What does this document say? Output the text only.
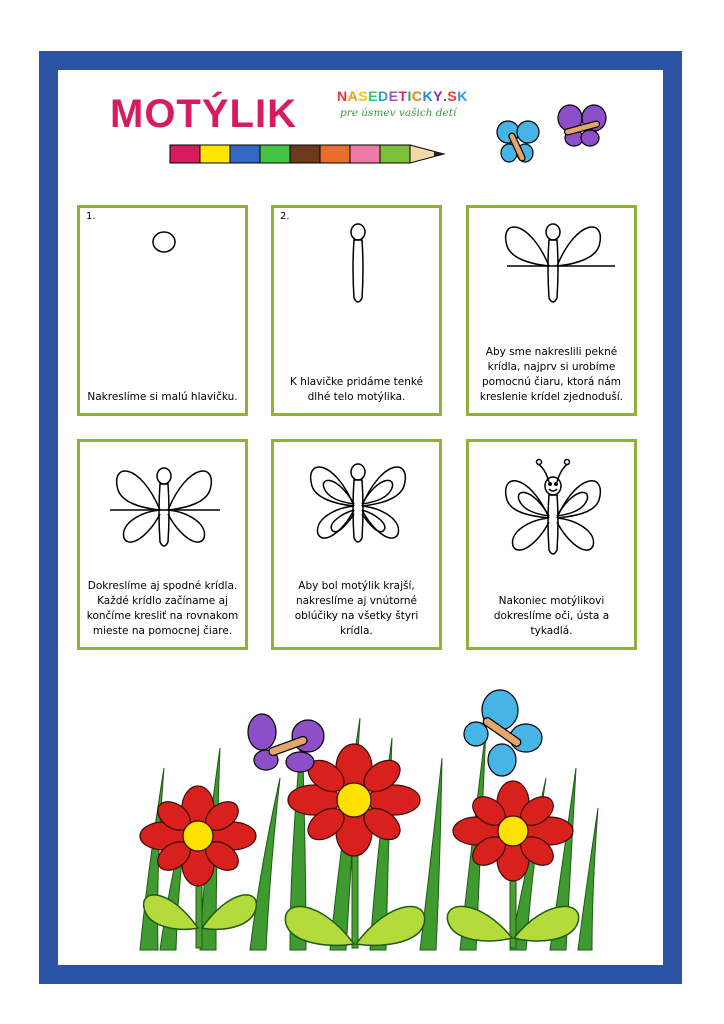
MOTÝLIK	NASEDETICKY.SK
pre úsmev vašich detí
1.
Nakreslíme si malú hlavičku.
2.
K hlavičke pridáme tenké dlhé telo motýlika.
Aby sme nakreslili pekné krídla, najprv si urobíme pomocnú čiaru, ktorá nám kreslenie krídel zjednoduší.
Dokreslíme aj spodné krídla. Každé krídlo začíname aj končíme kresliť na rovnakom mieste na pomocnej čiare.
Aby bol motýlik krajší, nakreslíme aj vnútorné oblúčiky na všetky štyri krídla.
Nakoniec motýlikovi dokreslíme oči, ústa a tykadlá.
